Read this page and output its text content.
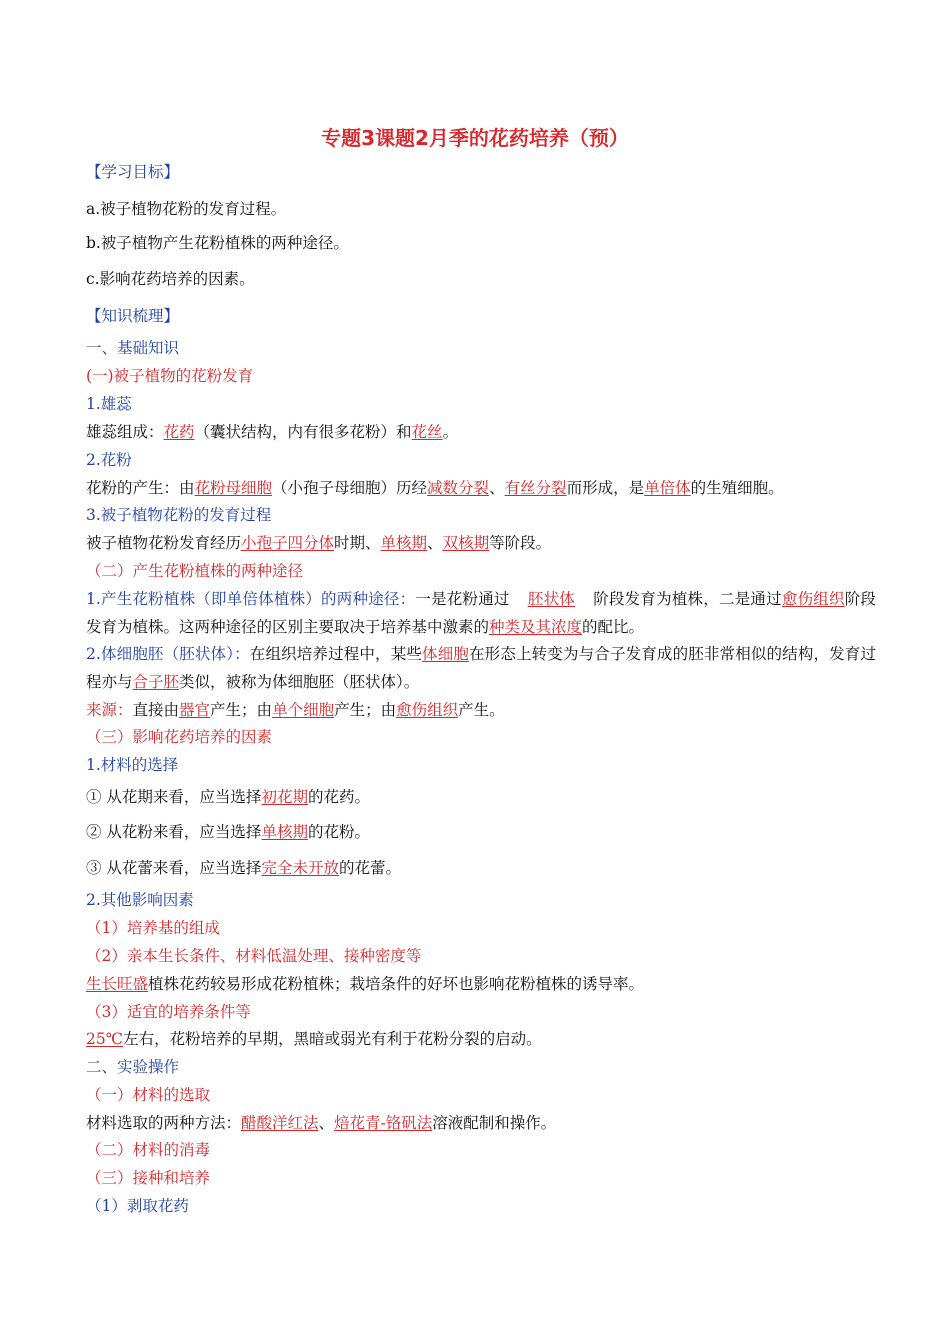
专题3课题2月季的花药培养（预）
【学习目标】
a.被子植物花粉的发育过程。
b.被子植物产生花粉植株的两种途径。
c.影响花药培养的因素。
【知识梳理】
一、基础知识
(一)被子植物的花粉发育
1.雄蕊
雄蕊组成：花药（囊状结构，内有很多花粉）和花丝。
2.花粉
花粉的产生：由花粉母细胞（小孢子母细胞）历经减数分裂、有丝分裂而形成，是单倍体的生殖细胞。
3.被子植物花粉的发育过程
被子植物花粉发育经历小孢子四分体时期、单核期、双核期等阶段。
（二）产生花粉植株的两种途径
1.产生花粉植株（即单倍体植株）的两种途径：一是花粉通过 胚状体 阶段发育为植株，二是通过愈伤组织阶段发育为植株。这两种途径的区别主要取决于培养基中激素的种类及其浓度的配比。
2.体细胞胚（胚状体）：在组织培养过程中，某些体细胞在形态上转变为与合子发育成的胚非常相似的结构，发育过程亦与合子胚类似，被称为体细胞胚（胚状体）。
来源：直接由器官产生；由单个细胞产生；由愈伤组织产生。
（三）影响花药培养的因素
1.材料的选择
① 从花期来看，应当选择初花期的花药。
② 从花粉来看，应当选择单核期的花粉。
③ 从花蕾来看，应当选择完全未开放的花蕾。
2.其他影响因素
（1）培养基的组成
（2）亲本生长条件、材料低温处理、接种密度等
生长旺盛植株花药较易形成花粉植株；栽培条件的好坏也影响花粉植株的诱导率。
（3）适宜的培养条件等
25℃左右，花粉培养的早期，黑暗或弱光有利于花粉分裂的启动。
二、实验操作
（一）材料的选取
材料选取的两种方法：醋酸洋红法、焙花青-铬矾法溶液配制和操作。
（二）材料的消毒
（三）接种和培养
（1）剥取花药
